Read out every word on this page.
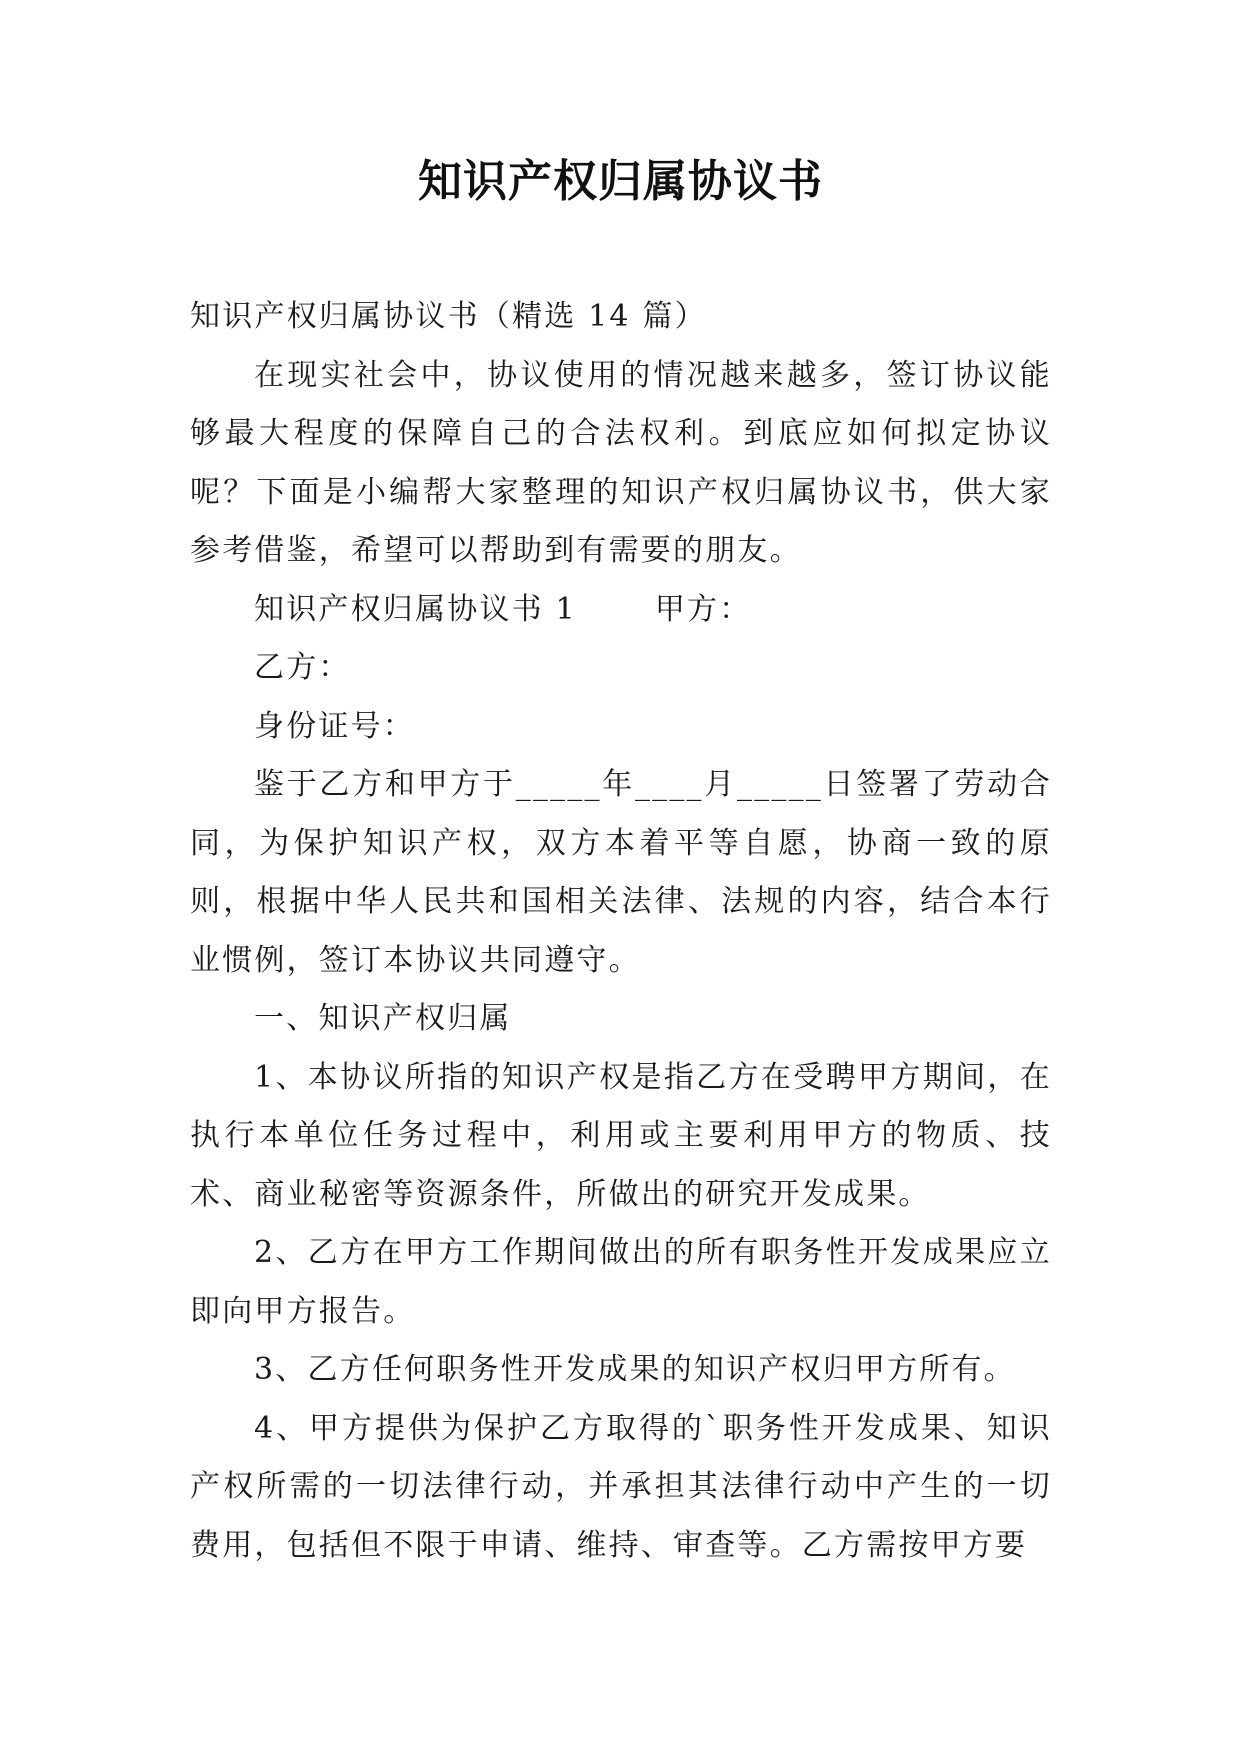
知识产权归属协议书

知识产权归属协议书（精选 14 篇）

在现实社会中，协议使用的情况越来越多，签订协议能够最大程度的保障自己的合法权利。到底应如何拟定协议呢？下面是小编帮大家整理的知识产权归属协议书，供大家参考借鉴，希望可以帮助到有需要的朋友。

知识产权归属协议书 1	甲方：

乙方：

身份证号：

鉴于乙方和甲方于_____年____月_____日签署了劳动合同，为保护知识产权，双方本着平等自愿，协商一致的原则，根据中华人民共和国相关法律、法规的内容，结合本行业惯例，签订本协议共同遵守。

一、知识产权归属

1、本协议所指的知识产权是指乙方在受聘甲方期间，在执行本单位任务过程中，利用或主要利用甲方的物质、技术、商业秘密等资源条件，所做出的研究开发成果。

2、乙方在甲方工作期间做出的所有职务性开发成果应立即向甲方报告。

3、乙方任何职务性开发成果的知识产权归甲方所有。

4、甲方提供为保护乙方取得的`职务性开发成果、知识产权所需的一切法律行动，并承担其法律行动中产生的一切费用，包括但不限于申请、维持、审查等。乙方需按甲方要
